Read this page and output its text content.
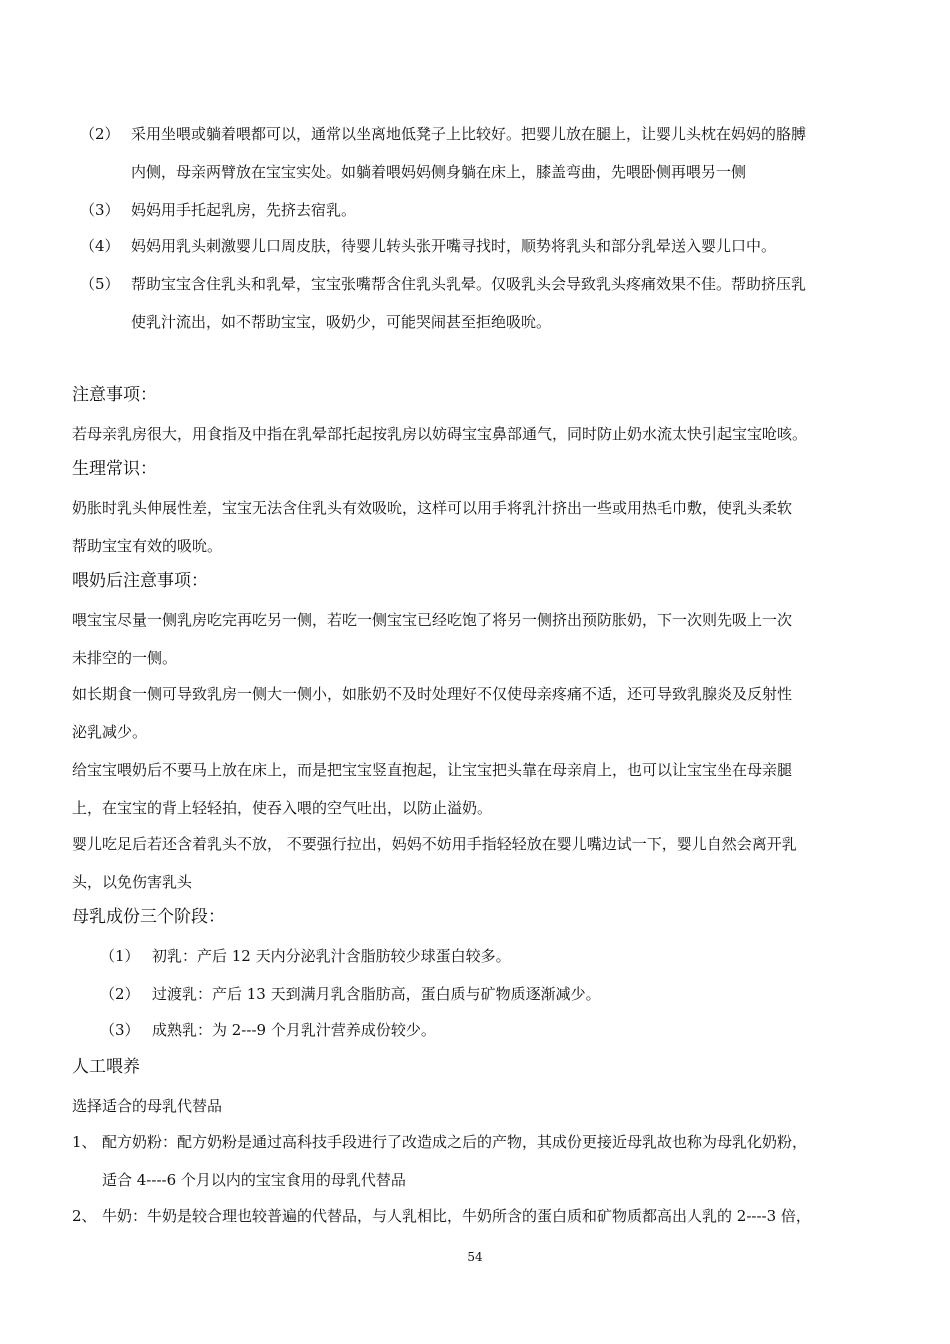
（2） 采用坐喂或躺着喂都可以，通常以坐离地低凳子上比较好。把婴儿放在腿上，让婴儿头枕在妈妈的胳膊
内侧，母亲两臂放在宝宝实处。如躺着喂妈妈侧身躺在床上，膝盖弯曲，先喂卧侧再喂另一侧
（3） 妈妈用手托起乳房，先挤去宿乳。
（4） 妈妈用乳头刺激婴儿口周皮肤，待婴儿转头张开嘴寻找时，顺势将乳头和部分乳晕送入婴儿口中。
（5） 帮助宝宝含住乳头和乳晕，宝宝张嘴帮含住乳头乳晕。仅吸乳头会导致乳头疼痛效果不佳。帮助挤压乳
使乳汁流出，如不帮助宝宝，吸奶少，可能哭闹甚至拒绝吸吮。
注意事项：
若母亲乳房很大，用食指及中指在乳晕部托起按乳房以妨碍宝宝鼻部通气，同时防止奶水流太快引起宝宝呛咳。
生理常识：
奶胀时乳头伸展性差，宝宝无法含住乳头有效吸吮，这样可以用手将乳汁挤出一些或用热毛巾敷，使乳头柔软
帮助宝宝有效的吸吮。
喂奶后注意事项：
喂宝宝尽量一侧乳房吃完再吃另一侧，若吃一侧宝宝已经吃饱了将另一侧挤出预防胀奶，下一次则先吸上一次
未排空的一侧。
如长期食一侧可导致乳房一侧大一侧小，如胀奶不及时处理好不仅使母亲疼痛不适，还可导致乳腺炎及反射性
泌乳减少。
给宝宝喂奶后不要马上放在床上，而是把宝宝竖直抱起，让宝宝把头靠在母亲肩上，也可以让宝宝坐在母亲腿
上，在宝宝的背上轻轻拍，使吞入喂的空气吐出，以防止溢奶。
婴儿吃足后若还含着乳头不放， 不要强行拉出，妈妈不妨用手指轻轻放在婴儿嘴边试一下，婴儿自然会离开乳
头，以免伤害乳头
母乳成份三个阶段：
（1） 初乳：产后 12 天内分泌乳汁含脂肪较少球蛋白较多。
（2） 过渡乳：产后 13 天到满月乳含脂肪高，蛋白质与矿物质逐渐减少。
（3） 成熟乳：为 2---9 个月乳汁营养成份较少。
人工喂养
选择适合的母乳代替品
1、 配方奶粉：配方奶粉是通过高科技手段进行了改造成之后的产物，其成份更接近母乳故也称为母乳化奶粉，
适合 4----6 个月以内的宝宝食用的母乳代替品
2、 牛奶：牛奶是较合理也较普遍的代替品，与人乳相比，牛奶所含的蛋白质和矿物质都高出人乳的 2----3 倍，
54
